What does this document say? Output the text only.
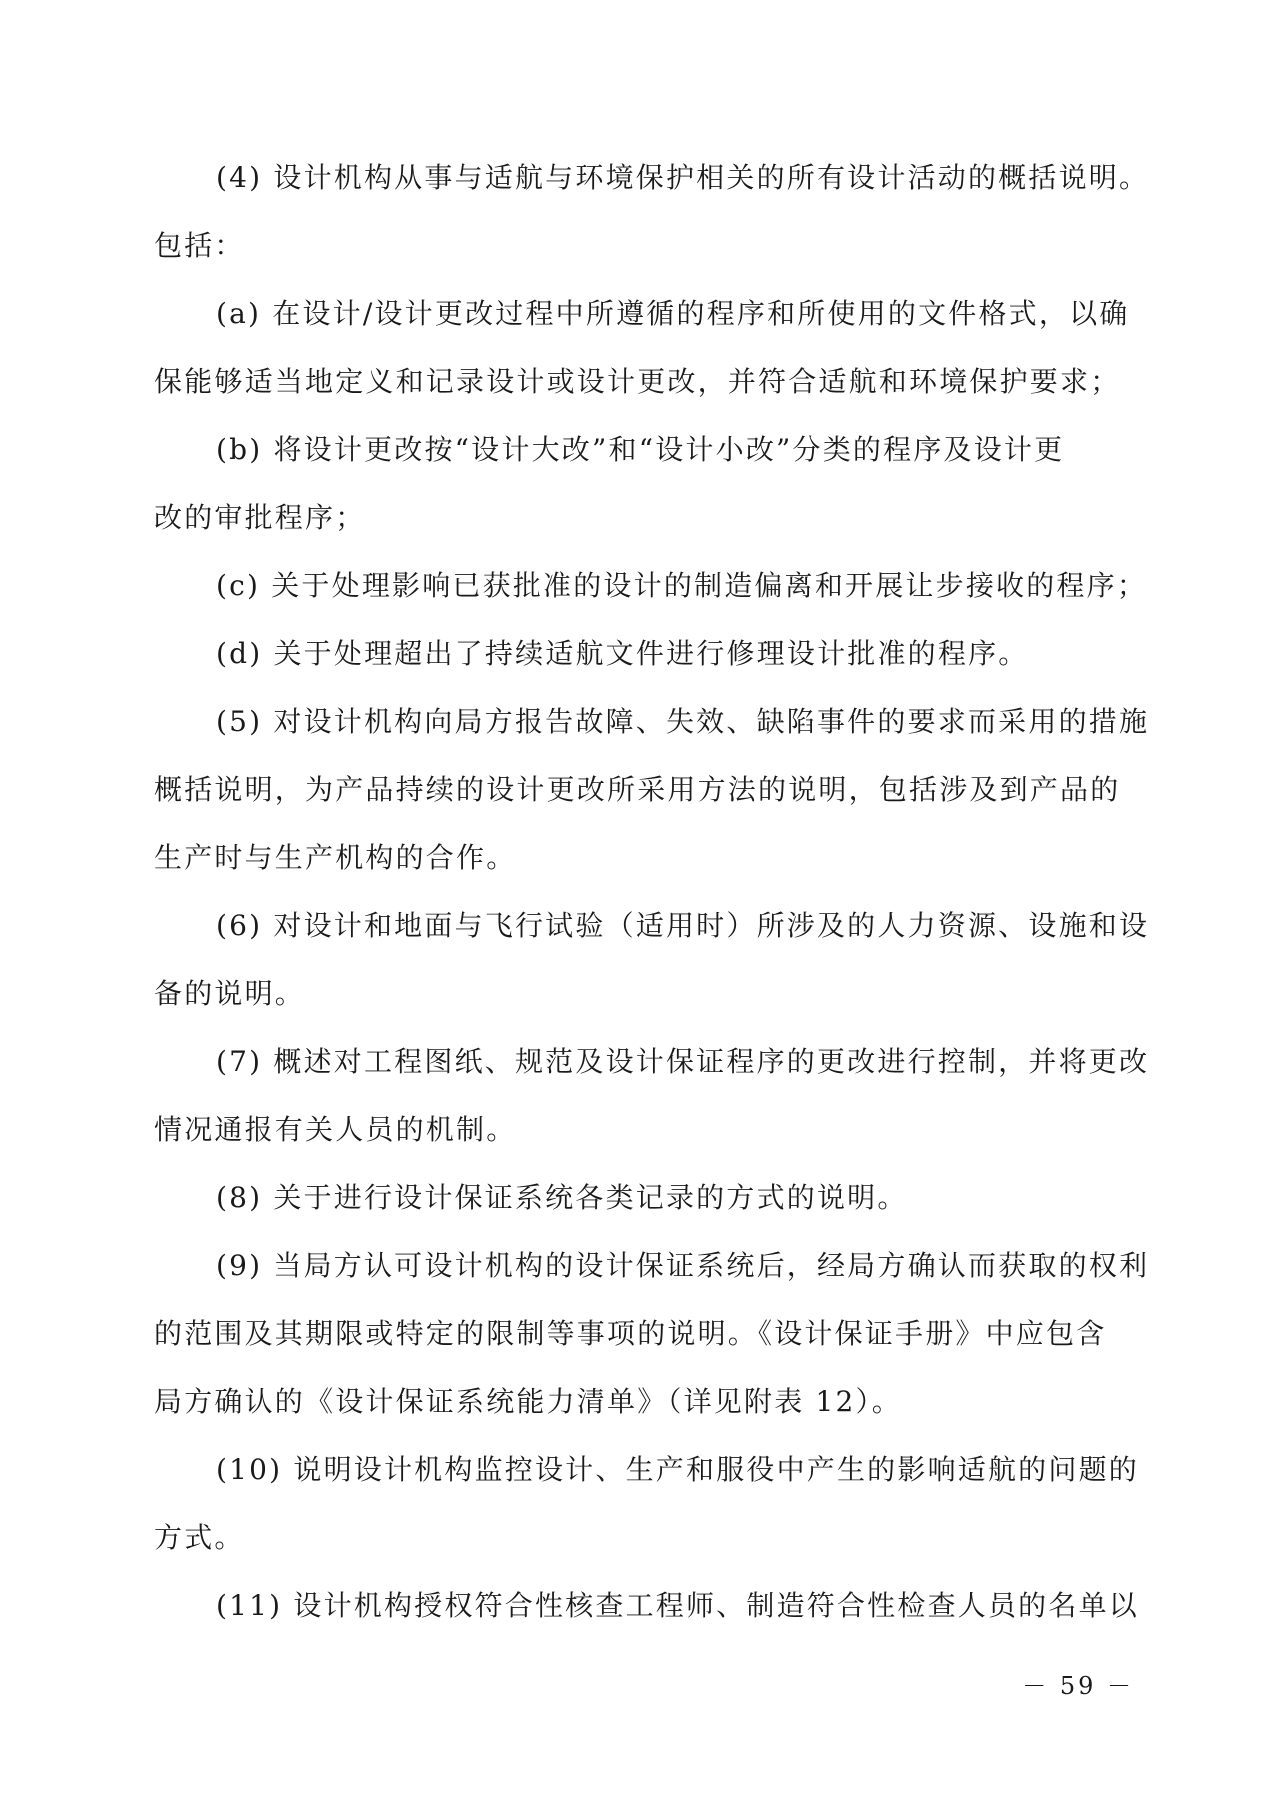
(4) 设计机构从事与适航与环境保护相关的所有设计活动的概括说明。
包括：
(a) 在设计/设计更改过程中所遵循的程序和所使用的文件格式，以确
保能够适当地定义和记录设计或设计更改，并符合适航和环境保护要求；
(b) 将设计更改按“设计大改”和“设计小改”分类的程序及设计更
改的审批程序；
(c) 关于处理影响已获批准的设计的制造偏离和开展让步接收的程序；
(d) 关于处理超出了持续适航文件进行修理设计批准的程序。
(5) 对设计机构向局方报告故障、失效、缺陷事件的要求而采用的措施
概括说明，为产品持续的设计更改所采用方法的说明，包括涉及到产品的
生产时与生产机构的合作。
(6) 对设计和地面与飞行试验（适用时）所涉及的人力资源、设施和设
备的说明。
(7) 概述对工程图纸、规范及设计保证程序的更改进行控制，并将更改
情况通报有关人员的机制。
(8) 关于进行设计保证系统各类记录的方式的说明。
(9) 当局方认可设计机构的设计保证系统后，经局方确认而获取的权利
的范围及其期限或特定的限制等事项的说明。《设计保证手册》中应包含
局方确认的《设计保证系统能力清单》（详见附表 12）。
(10) 说明设计机构监控设计、生产和服役中产生的影响适航的问题的
方式。
(11) 设计机构授权符合性核查工程师、制造符合性检查人员的名单以
－ 59 －
